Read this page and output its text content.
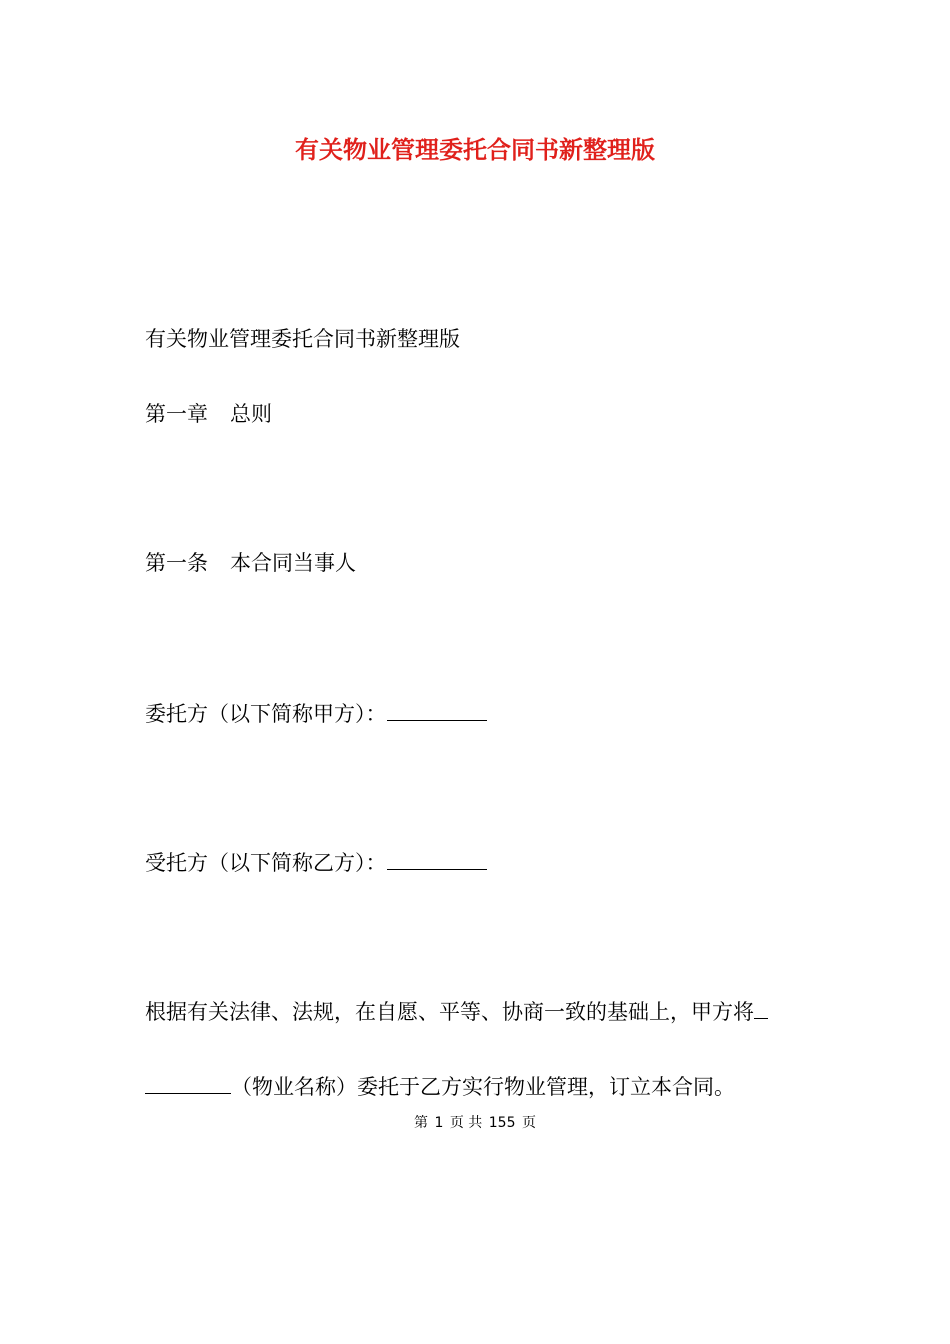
有关物业管理委托合同书新整理版
有关物业管理委托合同书新整理版
第一章 总则
第一条 本合同当事人
委托方（以下简称甲方）：
受托方（以下简称乙方）：
根据有关法律、法规，在自愿、平等、协商一致的基础上，甲方将
（物业名称）委托于乙方实行物业管理，订立本合同。
第 1 页 共 155 页
